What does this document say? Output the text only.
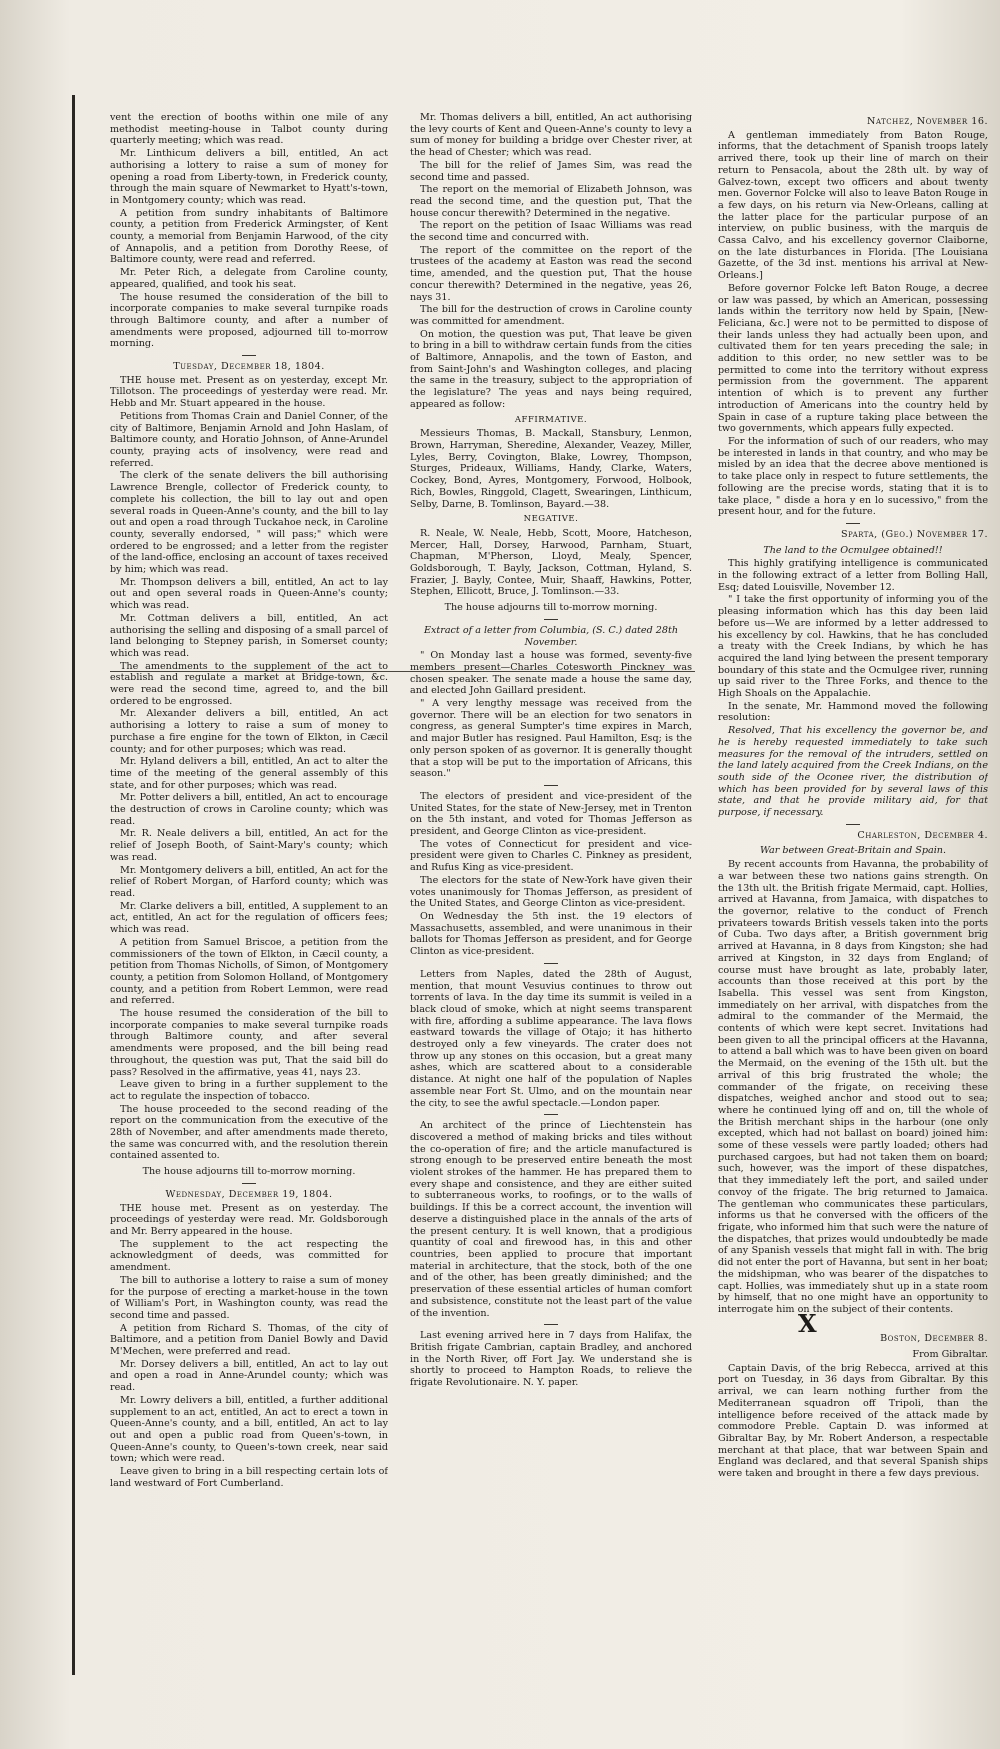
vent the erection of booths within one mile of any methodist meeting-house in Talbot county during quarterly meeting; which was read.

Mr. Linthicum delivers a bill, entitled, An act authorising a lottery to raise a sum of money for opening a road from Liberty-town, in Frederick county, through the main square of Newmarket to Hyatt's-town, in Montgomery county; which was read.

A petition from sundry inhabitants of Baltimore county, a petition from Frederick Armingster, of Kent county, a memorial from Benjamin Harwood, of the city of Annapolis, and a petition from Dorothy Reese, of Baltimore county, were read and referred.

Mr. Peter Rich, a delegate from Caroline county, appeared, qualified, and took his seat.

The house resumed the consideration of the bill to incorporate companies to make several turnpike roads through Baltimore county, and after a number of amendments were proposed, adjourned till to-morrow morning.

Tuesday, December 18, 1804.

THE house met. Present as on yesterday, except Mr. Tillotson. The proceedings of yesterday were read. Mr. Hebb and Mr. Stuart appeared in the house.

Petitions from Thomas Crain and Daniel Conner, of the city of Baltimore, Benjamin Arnold and John Haslam, of Baltimore county, and Horatio Johnson, of Anne-Arundel county, praying acts of insolvency, were read and referred.

The clerk of the senate delivers the bill authorising Lawrence Brengle, collector of Frederick county, to complete his collection, the bill to lay out and open several roads in Queen-Anne's county, and the bill to lay out and open a road through Tuckahoe neck, in Caroline county, severally endorsed, " will pass;" which were ordered to be engrossed; and a letter from the register of the land-office, enclosing an account of taxes received by him; which was read.

Mr. Thompson delivers a bill, entitled, An act to lay out and open several roads in Queen-Anne's county; which was read.

Mr. Cottman delivers a bill, entitled, An act authorising the selling and disposing of a small parcel of land belonging to Stepney parish, in Somerset county; which was read.

The amendments to the supplement of the act to establish and regulate a market at Bridge-town, &c. were read the second time, agreed to, and the bill ordered to be engrossed.

Mr. Alexander delivers a bill, entitled, An act authorising a lottery to raise a sum of money to purchase a fire engine for the town of Elkton, in Cæcil county; and for other purposes; which was read.

Mr. Hyland delivers a bill, entitled, An act to alter the time of the meeting of the general assembly of this state, and for other purposes; which was read.

Mr. Potter delivers a bill, entitled, An act to encourage the destruction of crows in Caroline county; which was read.

Mr. R. Neale delivers a bill, entitled, An act for the relief of Joseph Booth, of Saint-Mary's county; which was read.

Mr. Montgomery delivers a bill, entitled, An act for the relief of Robert Morgan, of Harford county; which was read.

Mr. Clarke delivers a bill, entitled, A supplement to an act, entitled, An act for the regulation of officers fees; which was read.

A petition from Samuel Briscoe, a petition from the commissioners of the town of Elkton, in Cæcil county, a petition from Thomas Nicholls, of Simon, of Montgomery county, a petition from Solomon Holland, of Montgomery county, and a petition from Robert Lemmon, were read and referred.

The house resumed the consideration of the bill to incorporate companies to make several turnpike roads through Baltimore county, and after several amendments were proposed, and the bill being read throughout, the question was put, That the said bill do pass? Resolved in the affirmative, yeas 41, nays 23.

Leave given to bring in a further supplement to the act to regulate the inspection of tobacco.

The house proceeded to the second reading of the report on the communication from the executive of the 28th of November, and after amendments made thereto, the same was concurred with, and the resolution therein contained assented to.

The house adjourns till to-morrow morning.

Wednesday, December 19, 1804.

THE house met. Present as on yesterday. The proceedings of yesterday were read. Mr. Goldsborough and Mr. Berry appeared in the house.

The supplement to the act respecting the acknowledgment of deeds, was committed for amendment.

The bill to authorise a lottery to raise a sum of money for the purpose of erecting a market-house in the town of William's Port, in Washington county, was read the second time and passed.

A petition from Richard S. Thomas, of the city of Baltimore, and a petition from Daniel Bowly and David M'Mechen, were preferred and read.

Mr. Dorsey delivers a bill, entitled, An act to lay out and open a road in Anne-Arundel county; which was read.

Mr. Lowry delivers a bill, entitled, a further additional supplement to an act, entitled, An act to erect a town in Queen-Anne's county, and a bill, entitled, An act to lay out and open a public road from Queen's-town, in Queen-Anne's county, to Queen's-town creek, near said town; which were read.

Leave given to bring in a bill respecting certain lots of land westward of Fort Cumberland.

Mr. Thomas delivers a bill, entitled, An act authorising the levy courts of Kent and Queen-Anne's county to levy a sum of money for building a bridge over Chester river, at the head of Chester; which was read.

The bill for the relief of James Sim, was read the second time and passed.

The report on the memorial of Elizabeth Johnson, was read the second time, and the question put, That the house concur therewith? Determined in the negative.

The report on the petition of Isaac Williams was read the second time and concurred with.

The report of the committee on the report of the trustees of the academy at Easton was read the second time, amended, and the question put, That the house concur therewith? Determined in the negative, yeas 26, nays 31.

The bill for the destruction of crows in Caroline county was committed for amendment.

On motion, the question was put, That leave be given to bring in a bill to withdraw certain funds from the cities of Baltimore, Annapolis, and the town of Easton, and from Saint-John's and Washington colleges, and placing the same in the treasury, subject to the appropriation of the legislature? The yeas and nays being required, appeared as follow:

AFFIRMATIVE.

Messieurs Thomas, B. Mackall, Stansbury, Lenmon, Brown, Harryman, Sheredine, Alexander, Veazey, Miller, Lyles, Berry, Covington, Blake, Lowrey, Thompson, Sturges, Prideaux, Williams, Handy, Clarke, Waters, Cockey, Bond, Ayres, Montgomery, Forwood, Holbook, Rich, Bowles, Ringgold, Clagett, Swearingen, Linthicum, Selby, Darne, B. Tomlinson, Bayard.—38.

NEGATIVE.

R. Neale, W. Neale, Hebb, Scott, Moore, Hatcheson, Mercer, Hall, Dorsey, Harwood, Parnham, Stuart, Chapman, M'Pherson, Lloyd, Mealy, Spencer, Goldsborough, T. Bayly, Jackson, Cottman, Hyland, S. Frazier, J. Bayly, Contee, Muir, Shaaff, Hawkins, Potter, Stephen, Ellicott, Bruce, J. Tomlinson.—33.

The house adjourns till to-morrow morning.

Extract of a letter from Columbia, (S. C.) dated 28th November.

" On Monday last a house was formed, seventy-five members present—Charles Cotesworth Pinckney was chosen speaker. The senate made a house the same day, and elected John Gaillard president.

" A very lengthy message was received from the governor. There will be an election for two senators in congress, as general Sumpter's time expires in March, and major Butler has resigned. Paul Hamilton, Esq; is the only person spoken of as governor. It is generally thought that a stop will be put to the importation of Africans, this season."

The electors of president and vice-president of the United States, for the state of New-Jersey, met in Trenton on the 5th instant, and voted for Thomas Jefferson as president, and George Clinton as vice-president.

The votes of Connecticut for president and vice-president were given to Charles C. Pinkney as president, and Rufus King as vice-president.

The electors for the state of New-York have given their votes unanimously for Thomas Jefferson, as president of the United States, and George Clinton as vice-president.

On Wednesday the 5th inst. the 19 electors of Massachusetts, assembled, and were unanimous in their ballots for Thomas Jefferson as president, and for George Clinton as vice-president.

Letters from Naples, dated the 28th of August, mention, that mount Vesuvius continues to throw out torrents of lava. In the day time its summit is veiled in a black cloud of smoke, which at night seems transparent with fire, affording a sublime appearance. The lava flows eastward towards the village of Otajo; it has hitherto destroyed only a few vineyards. The crater does not throw up any stones on this occasion, but a great many ashes, which are scattered about to a considerable distance. At night one half of the population of Naples assemble near Fort St. Ulmo, and on the mountain near the city, to see the awful spectacle.—London paper.

An architect of the prince of Liechtenstein has discovered a method of making bricks and tiles without the co-operation of fire; and the article manufactured is strong enough to be preserved entire beneath the most violent strokes of the hammer. He has prepared them to every shape and consistence, and they are either suited to subterraneous works, to roofings, or to the walls of buildings. If this be a correct account, the invention will deserve a distinguished place in the annals of the arts of the present century. It is well known, that a prodigious quantity of coal and firewood has, in this and other countries, been applied to procure that important material in architecture, that the stock, both of the one and of the other, has been greatly diminished; and the preservation of these essential articles of human comfort and subsistence, constitute not the least part of the value of the invention.

Last evening arrived here in 7 days from Halifax, the British frigate Cambrian, captain Bradley, and anchored in the North River, off Fort Jay. We understand she is shortly to proceed to Hampton Roads, to relieve the frigate Revolutionaire. N. Y. paper.

Natchez, November 16.

A gentleman immediately from Baton Rouge, informs, that the detachment of Spanish troops lately arrived there, took up their line of march on their return to Pensacola, about the 28th ult. by way of Galvez-town, except two officers and about twenty men. Governor Folcke will also to leave Baton Rouge in a few days, on his return via New-Orleans, calling at the latter place for the particular purpose of an interview, on public business, with the marquis de Cassa Calvo, and his excellency governor Claiborne, on the late disturbances in Florida. [The Louisiana Gazette, of the 3d inst. mentions his arrival at New-Orleans.]

Before governor Folcke left Baton Rouge, a decree or law was passed, by which an American, possessing lands within the territory now held by Spain, [New-Feliciana, &c.] were not to be permitted to dispose of their lands unless they had actually been upon, and cultivated them for ten years preceding the sale; in addition to this order, no new settler was to be permitted to come into the territory without express permission from the government. The apparent intention of which is to prevent any further introduction of Americans into the country held by Spain in case of a rupture taking place between the two governments, which appears fully expected.

For the information of such of our readers, who may be interested in lands in that country, and who may be misled by an idea that the decree above mentioned is to take place only in respect to future settlements, the following are the precise words, stating that it is to take place, " disde a hora y en lo sucessivo," from the present hour, and for the future.

Sparta, (Geo.) November 17.

The land to the Ocmulgee obtained!!

This highly gratifying intelligence is communicated in the following extract of a letter from Bolling Hall, Esq; dated Louisville, November 12.

" I take the first opportunity of informing you of the pleasing information which has this day been laid before us—We are informed by a letter addressed to his excellency by col. Hawkins, that he has concluded a treaty with the Creek Indians, by which he has acquired the land lying between the present temporary boundary of this state and the Ocmulgee river, running up said river to the Three Forks, and thence to the High Shoals on the Appalachie.

In the senate, Mr. Hammond moved the following resolution:

Resolved, That his excellency the governor be, and he is hereby requested immediately to take such measures for the removal of the intruders, settled on the land lately acquired from the Creek Indians, on the south side of the Oconee river, the distribution of which has been provided for by several laws of this state, and that he provide military aid, for that purpose, if necessary.

Charleston, December 4.

War between Great-Britain and Spain.

By recent accounts from Havanna, the probability of a war between these two nations gains strength. On the 13th ult. the British frigate Mermaid, capt. Hollies, arrived at Havanna, from Jamaica, with dispatches to the governor, relative to the conduct of French privateers towards British vessels taken into the ports of Cuba. Two days after, a British government brig arrived at Havanna, in 8 days from Kingston; she had arrived at Kingston, in 32 days from England; of course must have brought as late, probably later, accounts than those received at this port by the Isabella. This vessel was sent from Kingston, immediately on her arrival, with dispatches from the admiral to the commander of the Mermaid, the contents of which were kept secret. Invitations had been given to all the principal officers at the Havanna, to attend a ball which was to have been given on board the Mermaid, on the evening of the 15th ult. but the arrival of this brig frustrated the whole; the commander of the frigate, on receiving these dispatches, weighed anchor and stood out to sea; where he continued lying off and on, till the whole of the British merchant ships in the harbour (one only excepted, which had not ballast on board) joined him: some of these vessels were partly loaded; others had purchased cargoes, but had not taken them on board; such, however, was the import of these dispatches, that they immediately left the port, and sailed under convoy of the frigate. The brig returned to Jamaica. The gentleman who communicates these particulars, informs us that he conversed with the officers of the frigate, who informed him that such were the nature of the dispatches, that prizes would undoubtedly be made of any Spanish vessels that might fall in with. The brig did not enter the port of Havanna, but sent in her boat; the midshipman, who was bearer of the dispatches to capt. Hollies, was immediately shut up in a state room by himself, that no one might have an opportunity to interrogate him on the subject of their contents.

X

Boston, December 8.

From Gibraltar.

Captain Davis, of the brig Rebecca, arrived at this port on Tuesday, in 36 days from Gibraltar. By this arrival, we can learn nothing further from the Mediterranean squadron off Tripoli, than the intelligence before received of the attack made by commodore Preble. Captain D. was informed at Gibraltar Bay, by Mr. Robert Anderson, a respectable merchant at that place, that war between Spain and England was declared, and that several Spanish ships were taken and brought in there a few days previous.
